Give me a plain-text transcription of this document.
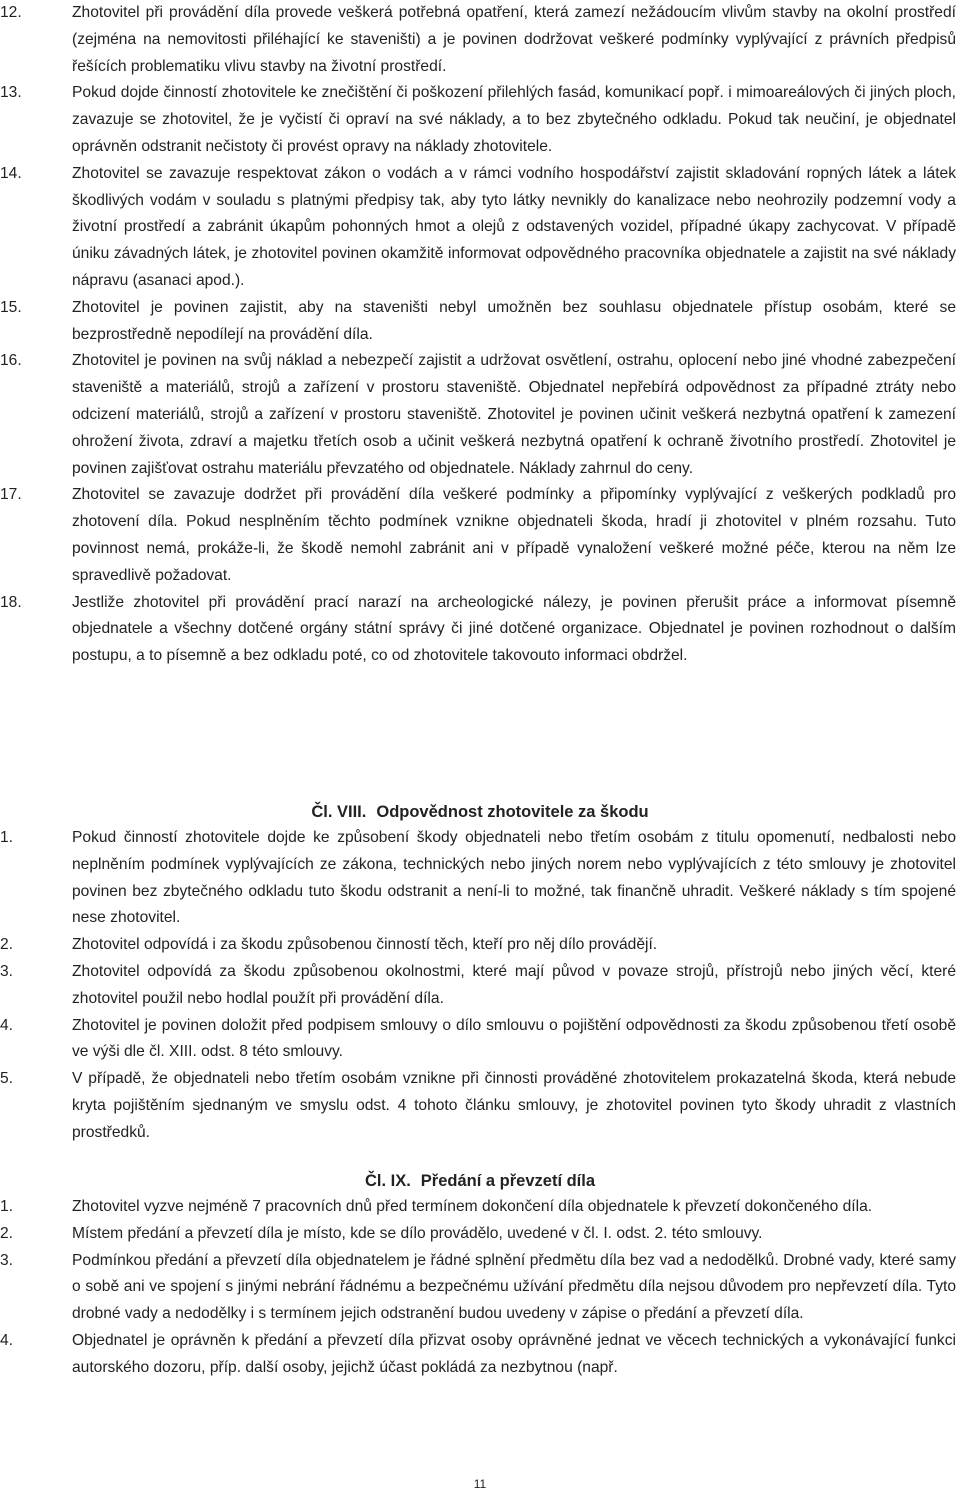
12.	Zhotovitel při provádění díla provede veškerá potřebná opatření, která zamezí nežádoucím vlivům stavby na okolní prostředí (zejména na nemovitosti přiléhající ke staveništi) a je povinen dodržovat veškeré podmínky vyplývající z právních předpisů řešících problematiku vlivu stavby na životní prostředí.
13.	Pokud dojde činností zhotovitele ke znečištění či poškození přilehlých fasád, komunikací popř. i mimoareálových či jiných ploch, zavazuje se zhotovitel, že je vyčistí či opraví na své náklady, a to bez zbytečného odkladu. Pokud tak neučiní, je objednatel oprávněn odstranit nečistoty či provést opravy na náklady zhotovitele.
14.	Zhotovitel se zavazuje respektovat zákon o vodách a v rámci vodního hospodářství zajistit skladování ropných látek a látek škodlivých vodám v souladu s platnými předpisy tak, aby tyto látky nevnikly do kanalizace nebo neohrozily podzemní vody a životní prostředí a zabránit úkapům pohonných hmot a olejů z odstavených vozidel, případné úkapy zachycovat. V případě úniku závadných látek, je zhotovitel povinen okamžitě informovat odpovědného pracovníka objednatele a zajistit na své náklady nápravu (asanaci apod.).
15.	Zhotovitel je povinen zajistit, aby na staveništi nebyl umožněn bez souhlasu objednatele přístup osobám, které se bezprostředně nepodílejí na provádění díla.
16.	Zhotovitel je povinen na svůj náklad a nebezpečí zajistit a udržovat osvětlení, ostrahu, oplocení nebo jiné vhodné zabezpečení staveniště a materiálů, strojů a zařízení v prostoru staveniště. Objednatel nepřebírá odpovědnost za případné ztráty nebo odcizení materiálů, strojů a zařízení v prostoru staveniště. Zhotovitel je povinen učinit veškerá nezbytná opatření k zamezení ohrožení života, zdraví a majetku třetích osob a učinit veškerá nezbytná opatření k ochraně životního prostředí. Zhotovitel je povinen zajišťovat ostrahu materiálu převzatého od objednatele. Náklady zahrnul do ceny.
17.	Zhotovitel se zavazuje dodržet při provádění díla veškeré podmínky a připomínky vyplývající z veškerých podkladů pro zhotovení díla. Pokud nesplněním těchto podmínek vznikne objednateli škoda, hradí ji zhotovitel v plném rozsahu. Tuto povinnost nemá, prokáže-li, že škodě nemohl zabránit ani v případě vynaložení veškeré možné péče, kterou na něm lze spravedlivě požadovat.
18.	Jestliže zhotovitel při provádění prací narazí na archeologické nálezy, je povinen přerušit práce a informovat písemně objednatele a všechny dotčené orgány státní správy či jiné dotčené organizace. Objednatel je povinen rozhodnout o dalším postupu, a to písemně a bez odkladu poté, co od zhotovitele takovouto informaci obdržel.
Čl. VIII. Odpovědnost zhotovitele za škodu
1.	Pokud činností zhotovitele dojde ke způsobení škody objednateli nebo třetím osobám z titulu opomenutí, nedbalosti nebo neplněním podmínek vyplývajících ze zákona, technických nebo jiných norem nebo vyplývajících z této smlouvy je zhotovitel povinen bez zbytečného odkladu tuto škodu odstranit a není-li to možné, tak finančně uhradit. Veškeré náklady s tím spojené nese zhotovitel.
2.	Zhotovitel odpovídá i za škodu způsobenou činností těch, kteří pro něj dílo provádějí.
3.	Zhotovitel odpovídá za škodu způsobenou okolnostmi, které mají původ v povaze strojů, přístrojů nebo jiných věcí, které zhotovitel použil nebo hodlal použít při provádění díla.
4.	Zhotovitel je povinen doložit před podpisem smlouvy o dílo smlouvu o pojištění odpovědnosti za škodu způsobenou třetí osobě ve výši dle čl. XIII. odst. 8 této smlouvy.
5.	V případě, že objednateli nebo třetím osobám vznikne při činnosti prováděné zhotovitelem prokazatelná škoda, která nebude kryta pojištěním sjednaným ve smyslu odst. 4 tohoto článku smlouvy, je zhotovitel povinen tyto škody uhradit z vlastních prostředků.
Čl. IX. Předání a převzetí díla
1.	Zhotovitel vyzve nejméně 7 pracovních dnů před termínem dokončení díla objednatele k převzetí dokončeného díla.
2.	Místem předání a převzetí díla je místo, kde se dílo provádělo, uvedené v čl. I. odst. 2. této smlouvy.
3.	Podmínkou předání a převzetí díla objednatelem je řádné splnění předmětu díla bez vad a nedodělků. Drobné vady, které samy o sobě ani ve spojení s jinými nebrání řádnému a bezpečnému užívání předmětu díla nejsou důvodem pro nepřevzetí díla. Tyto drobné vady a nedodělky i s termínem jejich odstranění budou uvedeny v zápise o předání a převzetí díla.
4.	Objednatel je oprávněn k předání a převzetí díla přizvat osoby oprávněné jednat ve věcech technických a vykonávající funkci autorského dozoru, příp. další osoby, jejichž účast pokládá za nezbytnou (např.
11
